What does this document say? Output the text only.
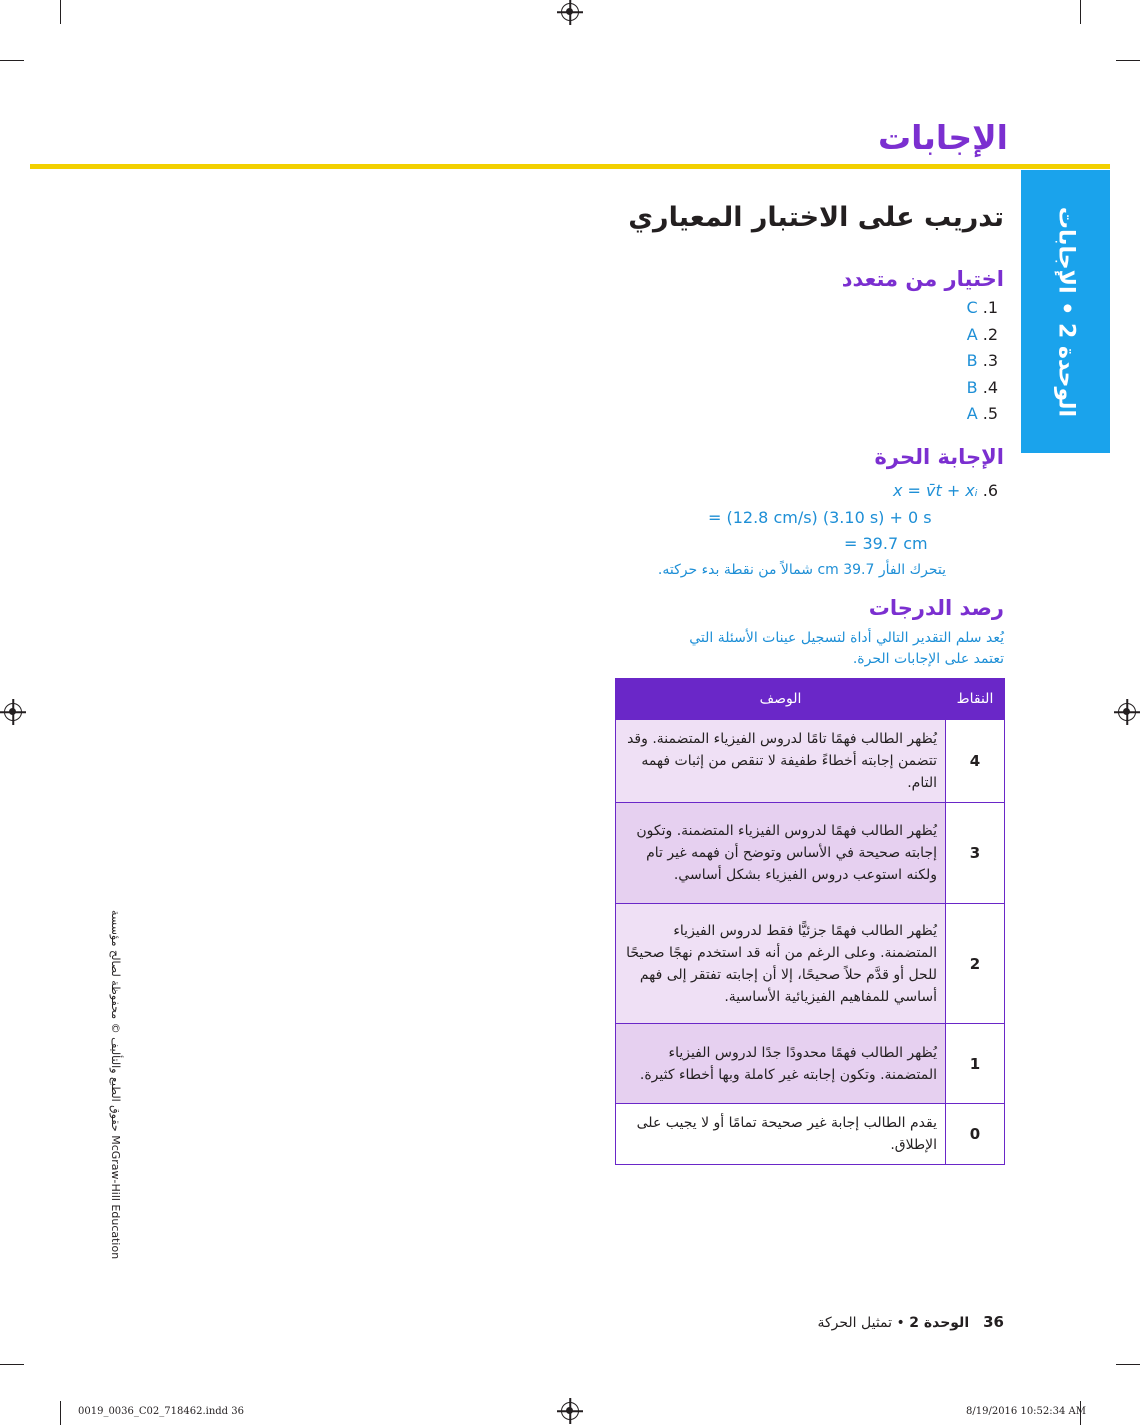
الإجابات
الوحدة 2 • الإجابات
تدريب على الاختبار المعياري
اختيار من متعدد
C .1
A .2
B .3
B .4
A .5
الإجابة الحرة
x = v̄t + xᵢ .6
= (12.8 cm/s) (3.10 s) + 0 s
= 39.7 cm
يتحرك الفأر 39.7 cm شمالاً من نقطة بدء حركته.
رصد الدرجات
يُعد سلم التقدير التالي أداة لتسجيل عينات الأسئلة التي
تعتمد على الإجابات الحرة.
النقاط	الوصف
4	يُظهر الطالب فهمًا تامًا لدروس الفيزياء المتضمنة. وقد تتضمن إجابته أخطاءً طفيفة لا تنقص من إثبات فهمه التام.
3	يُظهر الطالب فهمًا لدروس الفيزياء المتضمنة. وتكون إجابته صحيحة في الأساس وتوضح أن فهمه غير تام ولكنه استوعب دروس الفيزياء بشكل أساسي.
2	يُظهر الطالب فهمًا جزئيًّا فقط لدروس الفيزياء المتضمنة. وعلى الرغم من أنه قد استخدم نهجًا صحيحًا للحل أو قدَّم حلاً صحيحًا، إلا أن إجابته تفتقر إلى فهم أساسي للمفاهيم الفيزيائية الأساسية.
1	يُظهر الطالب فهمًا محدودًا جدًا لدروس الفيزياء المتضمنة. وتكون إجابته غير كاملة وبها أخطاء كثيرة.
0	يقدم الطالب إجابة غير صحيحة تمامًا أو لا يجيب على الإطلاق.
حقوق الطبع والتأليف © محفوظة لصالح مؤسسة McGraw-Hill Education
36الوحدة 2 • تمثيل الحركة
0019_0036_C02_718462.indd 36	8/19/2016 10:52:34 AM
